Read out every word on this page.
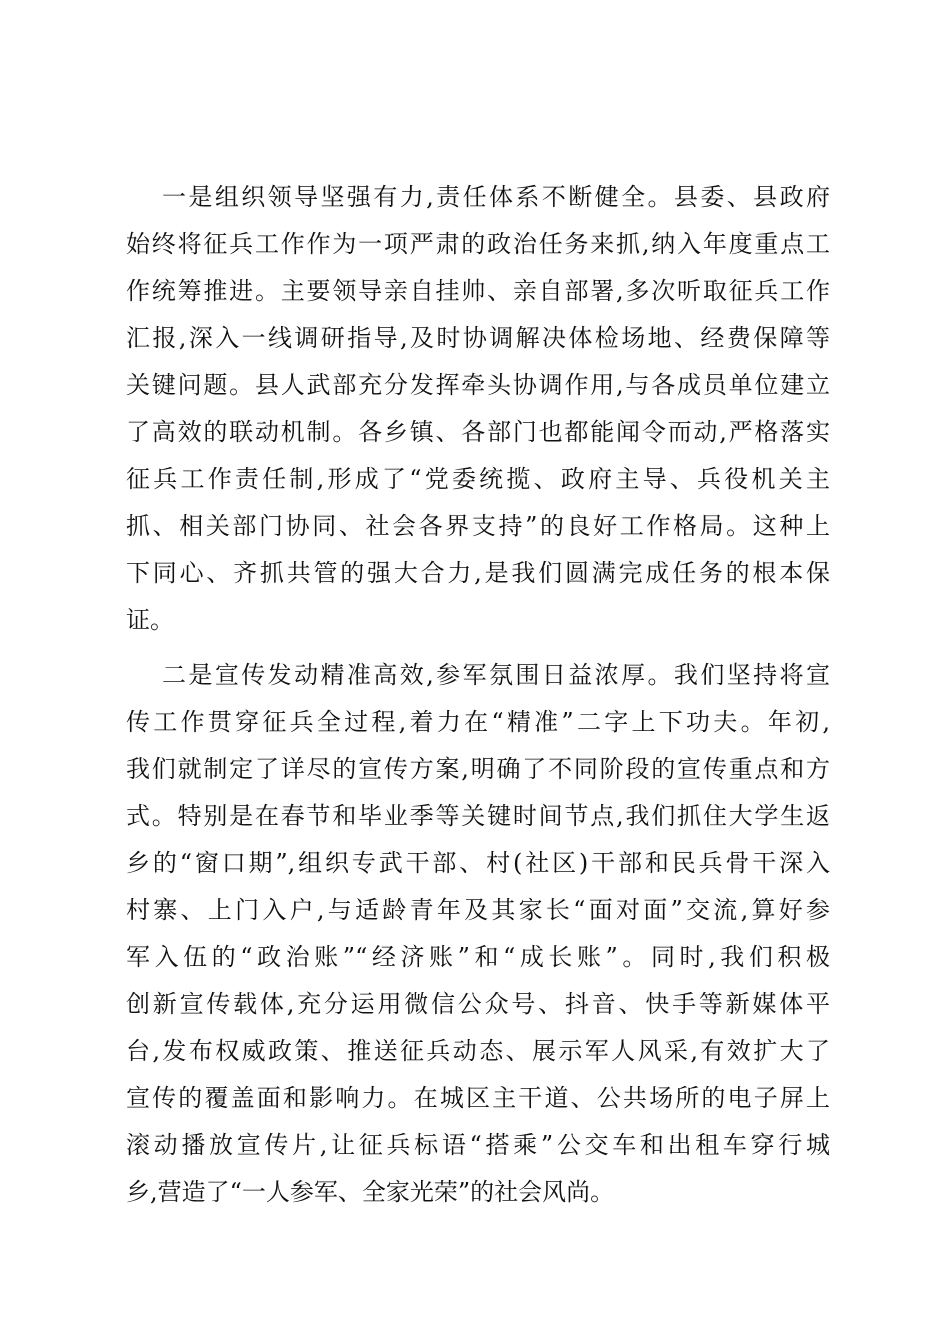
一是组织领导坚强有力,责任体系不断健全。县委、县政府

始终将征兵工作作为一项严肃的政治任务来抓,纳入年度重点工

作统筹推进。主要领导亲自挂帅、亲自部署,多次听取征兵工作

汇报,深入一线调研指导,及时协调解决体检场地、经费保障等

关键问题。县人武部充分发挥牵头协调作用,与各成员单位建立

了高效的联动机制。各乡镇、各部门也都能闻令而动,严格落实

征兵工作责任制,形成了“党委统揽、政府主导、兵役机关主

抓、相关部门协同、社会各界支持”的良好工作格局。这种上

下同心、齐抓共管的强大合力,是我们圆满完成任务的根本保

证。

二是宣传发动精准高效,参军氛围日益浓厚。我们坚持将宣

传工作贯穿征兵全过程,着力在“精准”二字上下功夫。年初,

我们就制定了详尽的宣传方案,明确了不同阶段的宣传重点和方

式。特别是在春节和毕业季等关键时间节点,我们抓住大学生返

乡的“窗口期”,组织专武干部、村(社区)干部和民兵骨干深入

村寨、上门入户,与适龄青年及其家长“面对面”交流,算好参

军入伍的“政治账”“经济账”和“成长账”。同时,我们积极

创新宣传载体,充分运用微信公众号、抖音、快手等新媒体平

台,发布权威政策、推送征兵动态、展示军人风采,有效扩大了

宣传的覆盖面和影响力。在城区主干道、公共场所的电子屏上

滚动播放宣传片,让征兵标语“搭乘”公交车和出租车穿行城

乡,营造了“一人参军、全家光荣”的社会风尚。
